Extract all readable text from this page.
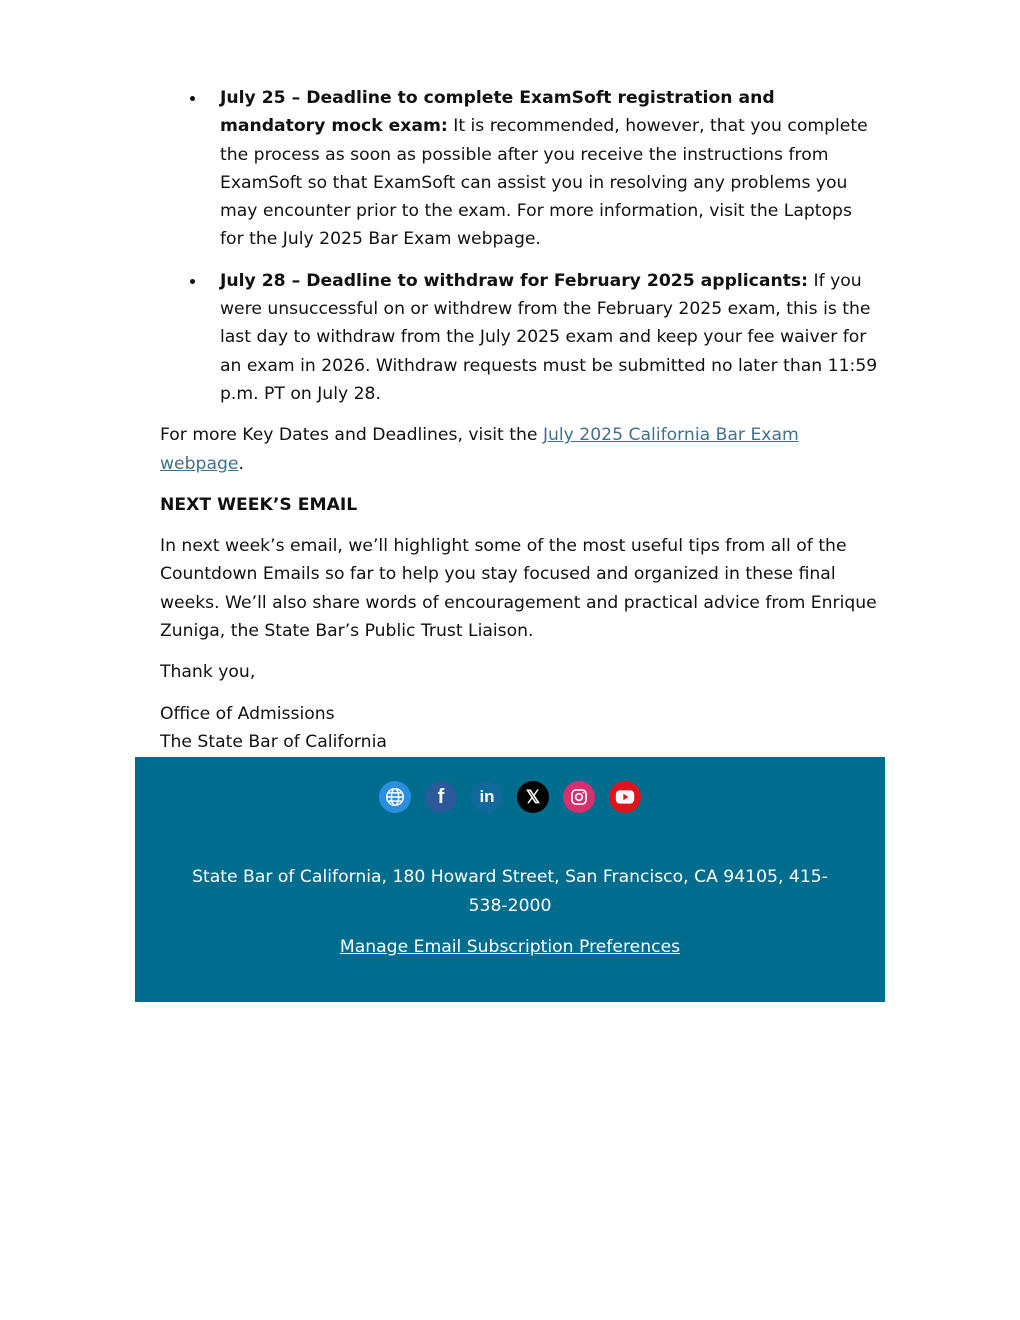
July 25 – Deadline to complete ExamSoft registration and mandatory mock exam: It is recommended, however, that you complete the process as soon as possible after you receive the instructions from ExamSoft so that ExamSoft can assist you in resolving any problems you may encounter prior to the exam. For more information, visit the Laptops for the July 2025 Bar Exam webpage.
July 28 – Deadline to withdraw for February 2025 applicants: If you were unsuccessful on or withdrew from the February 2025 exam, this is the last day to withdraw from the July 2025 exam and keep your fee waiver for an exam in 2026. Withdraw requests must be submitted no later than 11:59 p.m. PT on July 28.

For more Key Dates and Deadlines, visit the July 2025 California Bar Exam webpage.

NEXT WEEK’S EMAIL

In next week’s email, we’ll highlight some of the most useful tips from all of the Countdown Emails so far to help you stay focused and organized in these final weeks. We’ll also share words of encouragement and practical advice from Enrique Zuniga, the State Bar’s Public Trust Liaison.

Thank you,

Office of Admissions
The State Bar of California

f	in	𝕏
State Bar of California, 180 Howard Street, San Francisco, CA 94105, 415-538-2000
Manage Email Subscription Preferences
